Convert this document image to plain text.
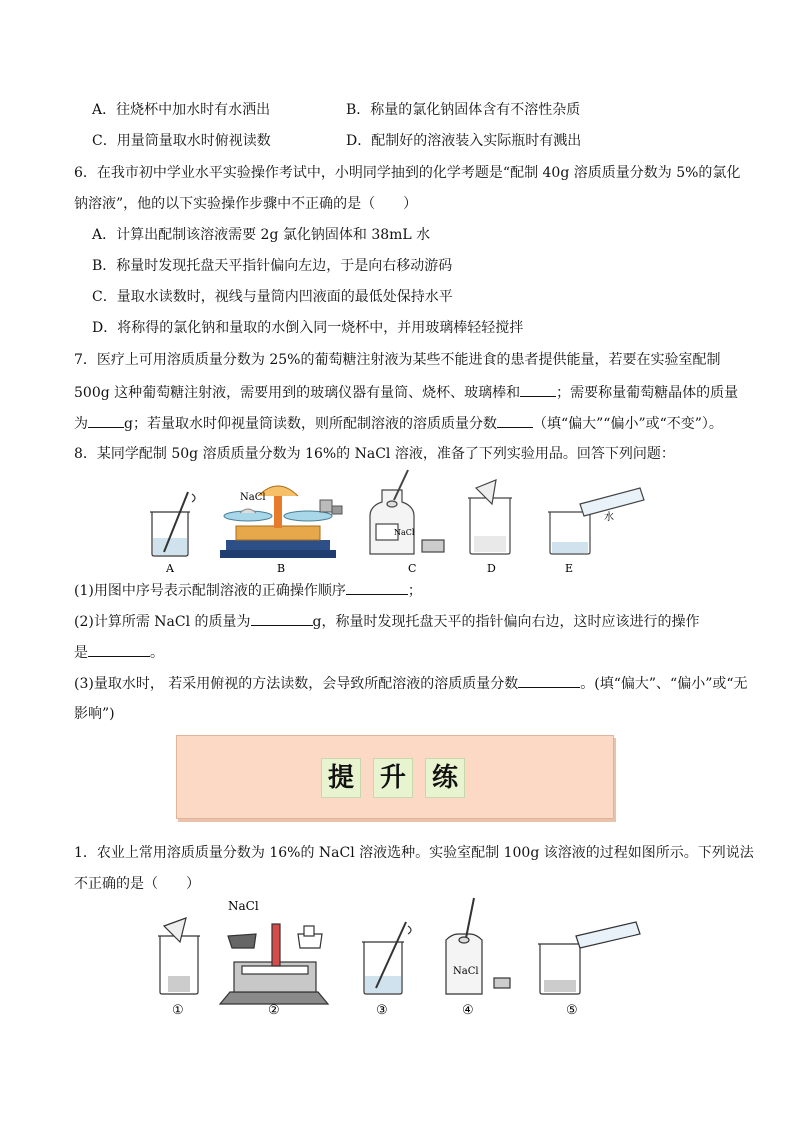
A．往烧杯中加水时有水洒出	B．称量的氯化钠固体含有不溶性杂质
C．用量筒量取水时俯视读数	D．配制好的溶液装入实际瓶时有溅出
6．在我市初中学业水平实验操作考试中，小明同学抽到的化学考题是“配制 40g 溶质质量分数为 5%的氯化
钠溶液”，他的以下实验操作步骤中不正确的是（　　）
A．计算出配制该溶液需要 2g 氯化钠固体和 38mL 水
B．称量时发现托盘天平指针偏向左边，于是向右移动游码
C．量取水读数时，视线与量筒内凹液面的最低处保持水平
D．将称得的氯化钠和量取的水倒入同一烧杯中，并用玻璃棒轻轻搅拌
7．医疗上可用溶质质量分数为 25%的葡萄糖注射液为某些不能进食的患者提供能量，若要在实验室配制
500g 这种葡萄糖注射液，需要用到的玻璃仪器有量筒、烧杯、玻璃棒和	；需要称量葡萄糖晶体的质量
为	g；若量取水时仰视量筒读数，则所配制溶液的溶质质量分数	（填“偏大”“偏小”或“不变”）。
8．某同学配制 50g 溶质质量分数为 16%的 NaCl 溶液，准备了下列实验用品。回答下列问题：
NaCl
NaCl
水
A	B	C	D	E
(1)用图中序号表示配制溶液的正确操作顺序	；
(2)计算所需 NaCl 的质量为	g，称量时发现托盘天平的指针偏向右边，这时应该进行的操作
是	。
(3)量取水时， 若采用俯视的方法读数，会导致所配溶液的溶质质量分数	。(填“偏大”、“偏小”或“无
影响”)
提 升 练
1．农业上常用溶质质量分数为 16%的 NaCl 溶液选种。实验室配制 100g 该溶液的过程如图所示。下列说法
不正确的是（　　）
NaCl
NaCl
①	②	③	④	⑤
